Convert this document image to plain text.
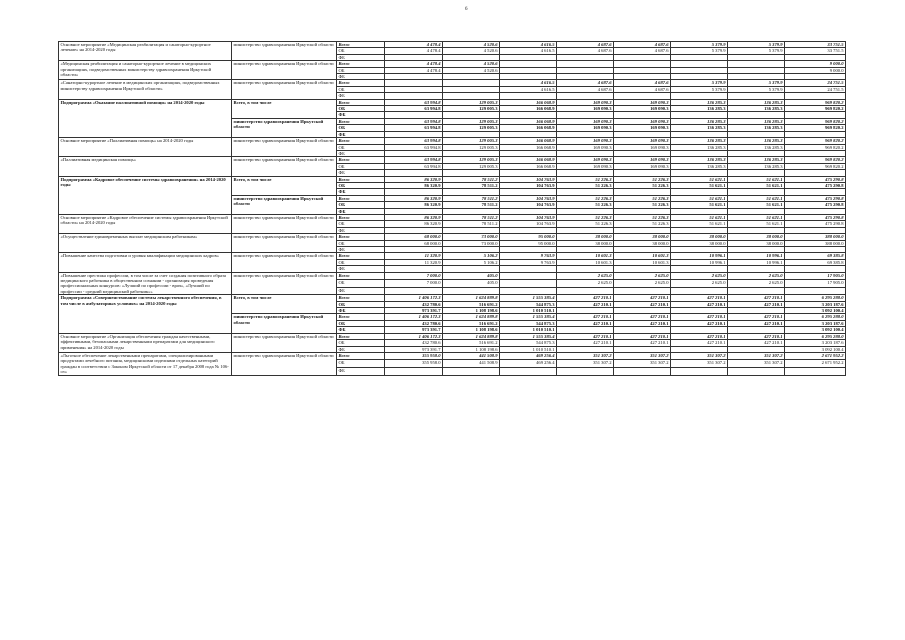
6
Основное мероприятие «Медицинская реабилитация и санаторно-курортное лечение» на 2014-2020 годы	министерство здравоохранения Иркутской области	Всего	4 478.4	4 520.6	4 616.5	4 687.6	4 687.6	5 379.9	5 379.9	33 751.5
		ОБ	4 478.4	4 520.6	4 616.5	4 687.6	4 687.6	5 379.9	5 379.9	33 751.5
		ФБ								
«Медицинская реабилитация и санаторно-курортное лечение в медицинских организациях, подведомственных министерству здравоохранения Иркутской области»	министерство здравоохранения Иркутской области	Всего	4 478.4	4 520.6						9 000.0
		ОБ	4 478.4	4 520.6						9 000.0
		ФБ								
«Санаторно-курортное лечение в медицинских организациях, подведомственных министерству здравоохранения Иркутской области»	министерство здравоохранения Иркутской области	Всего			4 616.5	4 687.6	4 687.6	5 379.9	5 379.9	24 751.5
		ОБ			4 616.5	4 687.6	4 687.6	5 379.9	5 379.9	24 751.5
		ФБ								
Подпрограмма «Оказание паллиативной помощи» на 2014-2020 годы	Всего, в том числе	Всего	63 994.8	129 005.3	166 068.9	169 090.3	169 090.3	136 285.3	136 285.3	969 820.2
		ОБ	63 994.8	129 005.3	166 068.9	169 090.3	169 090.3	136 285.3	136 285.3	969 820.2
		ФБ								
	министерство здравоохранения Иркутской области	Всего	63 994.8	129 005.3	166 068.9	169 090.3	169 090.3	136 285.3	136 285.3	969 820.2
		ОБ	63 994.8	129 005.3	166 068.9	169 090.3	169 090.3	136 285.3	136 285.3	969 820.2
		ФБ								
Основное мероприятие «Паллиативная помощь» на 2014-2020 годы	министерство здравоохранения Иркутской области	Всего	63 994.8	129 005.3	166 068.9	169 090.3	169 090.3	136 285.3	136 285.3	969 820.2
		ОБ	63 994.8	129 005.3	166 068.9	169 090.3	169 090.3	136 285.3	136 285.3	969 820.2
		ФБ								
«Паллиативная медицинская помощь»	министерство здравоохранения Иркутской области	Всего	63 994.8	129 005.3	166 068.9	169 090.3	169 090.3	136 285.3	136 285.3	969 820.2
		ОБ	63 994.8	129 005.3	166 068.9	169 090.3	169 090.3	136 285.3	136 285.3	969 820.2
		ФБ								
Подпрограмма «Кадровое обеспечение системы здравоохранения» на 2014-2020 годы	Всего, в том числе	Всего	86 320.9	78 511.2	104 763.9	51 226.3	51 226.3	51 621.1	51 621.1	475 290.8
		ОБ	86 320.9	78 511.2	104 763.9	51 226.3	51 226.3	51 621.1	51 621.1	475 290.8
		ФБ								
	министерство здравоохранения Иркутской области	Всего	86 320.9	78 511.2	104 763.9	51 226.3	51 226.3	51 621.1	51 621.1	475 290.8
		ОБ	86 320.9	78 511.2	104 763.9	51 226.3	51 226.3	51 621.1	51 621.1	475 290.8
		ФБ								
Основное мероприятие «Кадровое обеспечение системы здравоохранения Иркутской области» на 2014-2020 годы	министерство здравоохранения Иркутской области	Всего	86 320.9	78 511.2	104 763.9	51 226.3	51 226.3	51 621.1	51 621.1	475 290.8
		ОБ	86 320.9	78 511.2	104 763.9	51 226.3	51 226.3	51 621.1	51 621.1	475 290.8
		ФБ								
«Осуществление единовременных выплат медицинским работникам»	министерство здравоохранения Иркутской области	Всего	68 000.0	73 000.0	95 000.0	38 000.0	38 000.0	38 000.0	38 000.0	388 000.0
		ОБ	68 000.0	73 000.0	95 000.0	38 000.0	38 000.0	38 000.0	38 000.0	388 000.0
		ФБ								
«Повышение качества подготовки и уровня квалификации медицинских кадров»	министерство здравоохранения Иркутской области	Всего	11 320.9	5 106.2	9 763.9	10 601.3	10 601.3	10 996.1	10 996.1	69 385.8
		ОБ	11 320.9	5 106.2	9 763.9	10 601.3	10 601.3	10 996.1	10 996.1	69 385.8
		ФБ								
«Повышение престижа профессии, в том числе за счет создания позитивного образа медицинского работника в общественном сознании - организация проведения профессиональных конкурсов: «Лучший по профессии - врач», «Лучший по профессии - средний медицинский работник»»	министерство здравоохранения Иркутской области	Всего	7 000.0	405.0		2 625.0	2 625.0	2 625.0	2 625.0	17 905.0
		ОБ	7 000.0	405.0		2 625.0	2 625.0	2 625.0	2 625.0	17 905.0
		ФБ								
Подпрограмма «Совершенствование системы лекарственного обеспечения, в том числе в амбулаторных условиях» на 2014-2020 годы	Всего, в том числе	Всего	1 406 172.3	1 624 889.8	1 555 385.4	427 210.1	427 210.1	427 210.1	427 210.1	6 295 288.0
		ОБ	432 780.6	516 691.2	544 875.3	427 210.1	427 210.1	427 210.1	427 210.1	3 203 187.6
		ФБ	973 391.7	1 108 198.6	1 010 510.1					3 092 100.4
	министерство здравоохранения Иркутской области	Всего	1 406 172.3	1 624 889.8	1 555 385.4	427 210.1	427 210.1	427 210.1	427 210.1	6 295 288.0
		ОБ	432 780.6	516 691.2	544 875.3	427 210.1	427 210.1	427 210.1	427 210.1	3 203 187.6
		ФБ	973 391.7	1 108 198.6	1 010 510.1					3 092 100.4
Основное мероприятие «Организация обеспечения граждан качественными, эффективными, безопасными лекарственными препаратами для медицинского применения» на 2014-2020 годы	министерство здравоохранения Иркутской области	Всего	1 406 172.3	1 624 889.8	1 555 385.4	427 210.1	427 210.1	427 210.1	427 210.1	6 295 288.0
		ОБ	432 780.6	516 691.2	544 875.3	427 210.1	427 210.1	427 210.1	427 210.1	3 203 187.6
		ФБ	973 391.7	1 108 198.6	1 010 510.1					3 092 100.4
«Льготное обеспечение лекарственными препаратами, специализированными продуктами лечебного питания, медицинскими изделиями отдельных категорий граждан в соответствии с Законом Иркутской области от 17 декабря 2008 года № 106-оз»	министерство здравоохранения Иркутской области	Всего	355 958.0	441 508.9	469 256.4	351 307.2	351 307.2	351 307.2	351 307.2	2 671 952.2
		ОБ	355 958.0	441 508.9	469 256.4	351 307.2	351 307.2	351 307.2	351 307.2	2 671 952.2
		ФБ								
